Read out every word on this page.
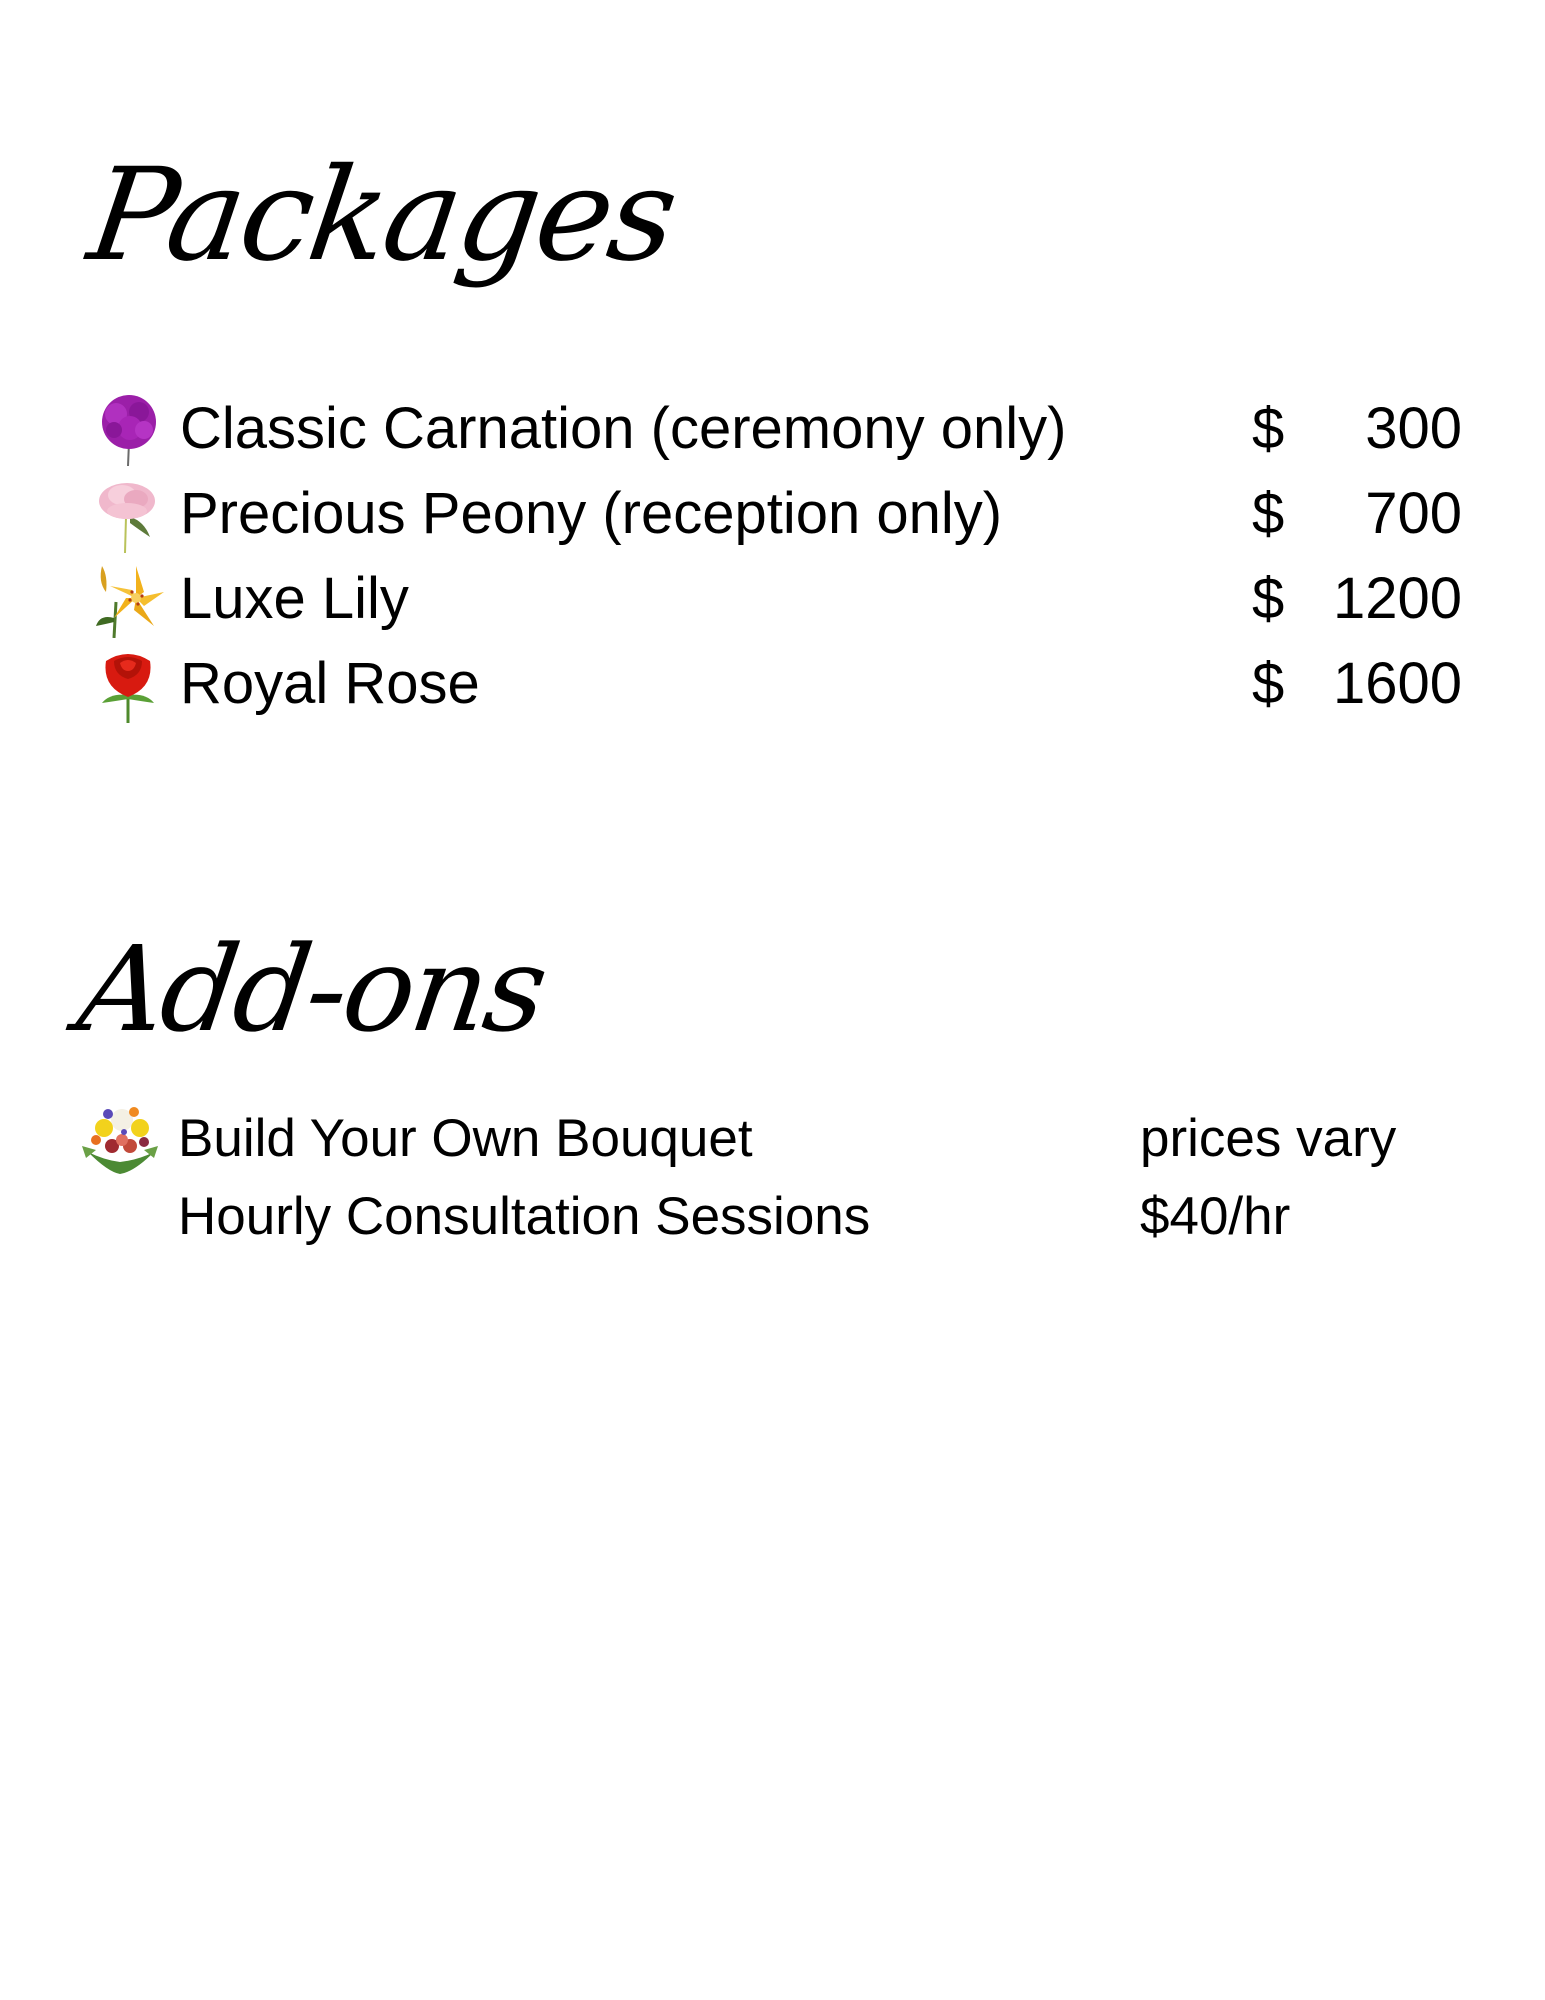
Packages
Classic Carnation (ceremony only)	$ 300
Precious Peony (reception only)	$ 700
Luxe Lily	$ 1200
Royal Rose	$ 1600
Add-ons
Build Your Own Bouquet	prices vary
Hourly Consultation Sessions	$40/hr
